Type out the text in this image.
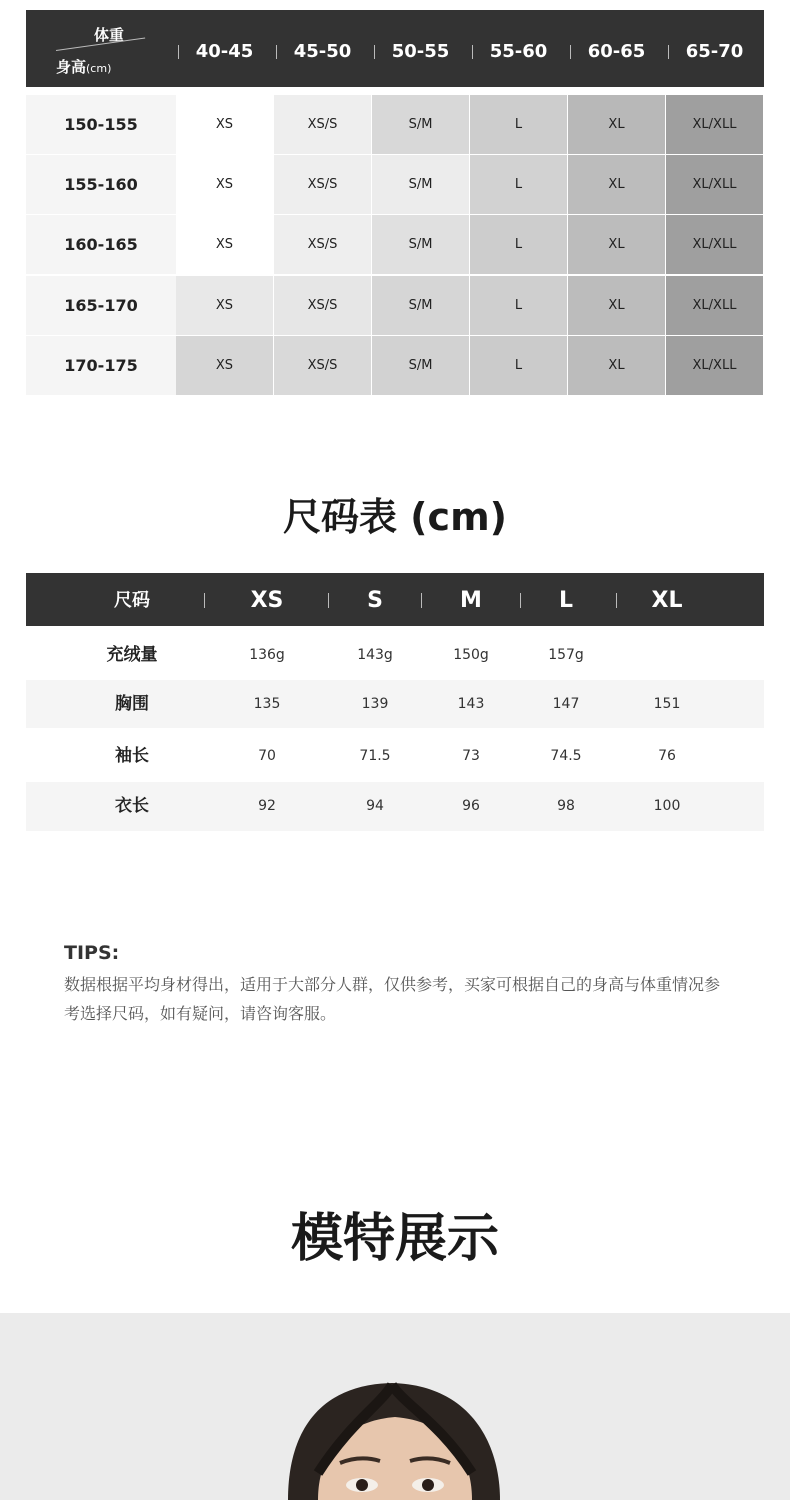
体重
身高(cm)
40-45	45-50	50-55	55-60	60-65	65-70
150-155	XS	XS/S	S/M	L	XL	XL/XLL
155-160	XS	XS/S	S/M	L	XL	XL/XLL
160-165	XS	XS/S	S/M	L	XL	XL/XLL
165-170	XS	XS/S	S/M	L	XL	XL/XLL
170-175	XS	XS/S	S/M	L	XL	XL/XLL
尺码表 (cm)
尺码	XS	S	M	L	XL
充绒量	136g	143g	150g	157g
胸围	135	139	143	147	151
袖长	70	71.5	73	74.5	76
衣长	92	94	96	98	100
TIPS:
数据根据平均身材得出，适用于大部分人群，仅供参考，买家可根据自己的身高与体重情况参考选择尺码，如有疑问，请咨询客服。
模特展示
